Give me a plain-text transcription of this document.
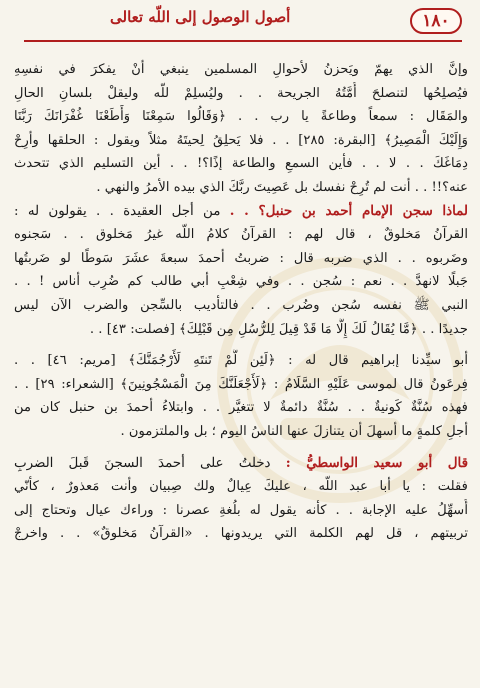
١٨٠
أصول الوصول إلى اللّه تعالى
وإنَّ الذي يهمّ ويَحزنُ لأحوالِ المسلمين ينبغي أنْ يفكرَ في نفسِهِ
فيُصلِحُها لتنصلحَ أُمَّتُهُ الجريحة . . وليُسلِمْ للّه وليقلْ بلسانِ الحالِ
والمَقَال : سمعاً وطاعةً يا رب . . ﴿وَقَالُوا سَمِعْنَا وَأَطَعْنَا غُفْرَانَكَ رَبَّنَا
وَإِلَيْكَ الْمَصِيرُ﴾ [البقرة: ٢٨٥] . . فلا يَحلِقُ لِحيتَهُ مثلاً ويقول : الحلقها وأرِحْ
دِمَاغَكَ . . لا . . فأين السمعِ والطاعة إذًا؟! . . أين التسليم الذي تتحدث
عنه؟!! . . أنت لم تُرِحْ نفسك بل عَصِيتَ ربَّكَ الذي بيده الأمرُ والنهي .
لماذا سجن الإمام أحمد بن حنبل؟ . . من أجل العقيدة . . يقولون له :
القرآنُ مَخلوقٌ ، قال لهم : القرآنُ كلامُ اللّه غيرُ مَخلوق . . سَجنوه
وضَربوه . . الذي ضربه قال : ضربتُ أحمدَ سبعةَ عشَرَ سَوطًا لو ضَربتُها
جَبلًا لانهدَّ . . نعم : سُجن . . وفي شِعْبِ أبي طالب كم ضُرِب أناس ! . .
النبي ﷺ نفسه سُجن وضُرب . . فالتأديب بالسِّجن والضرب الآن ليس
جديدًا . . ﴿مَّا يُقَالُ لَكَ إِلَّا مَا قَدْ قِيلَ لِلرُّسُلِ مِن قَبْلِكَ﴾ [فصلت: ٤٣] . .
أبو سيِّدنا إبراهيم قال له : ﴿لَئِن لَّمْ تَنتَهِ لَأَرْجُمَنَّكَ﴾ [مريم: ٤٦] . .
فِرعَونُ قال لموسى عَلَيْهِ السَّلَامُ : ﴿لَأَجْعَلَنَّكَ مِنَ الْمَسْجُونِينَ﴾ [الشعراء: ٢٩] . .
فهذه سُنَّةٌ كَونيةٌ . . سُنَّةٌ دائمةٌ لا تتغيَّر . . وابتلاءُ أحمدَ بن حنبل كان من
أجلِ كلمةٍ ما أسهلَ أن يتنازلَ عنها الناسُ اليوم ؛ بل والملتزمون .
قال أبو سعيد الواسطيُّ : دخلتُ على أحمدَ السجنَ قَبلَ الضربِ
فقلت : يا أبا عبد اللّه ، عليكَ عِيالٌ ولك صِبيان وأنت مَعذورٌ ، كأنّي
أُسهِّلُ عليه الإجابة . . كأنه يقول له بلُغةِ عصرنا : وراءك عيال وتحتاج إلى
تربيتهم ، قل لهم الكلمة التي يريدونها . «القرآنُ مَخلوقٌ» . . واخرجْ
